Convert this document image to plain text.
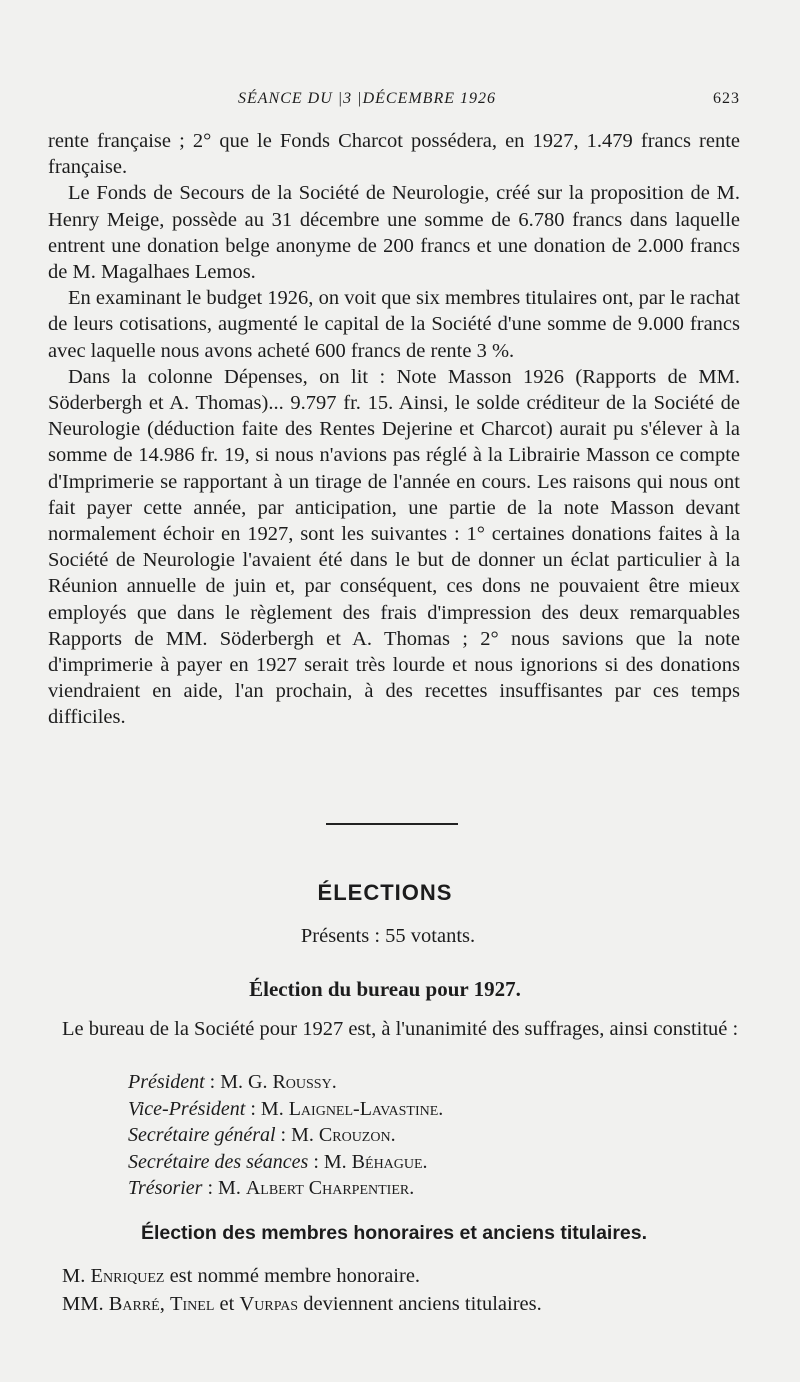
SÉANCE DU |3 |DÉCEMBRE 1926	623

rente française ; 2° que le Fonds Charcot possédera, en 1927, 1.479 francs rente française.

Le Fonds de Secours de la Société de Neurologie, créé sur la proposition de M. Henry Meige, possède au 31 décembre une somme de 6.780 francs dans laquelle entrent une donation belge anonyme de 200 francs et une donation de 2.000 francs de M. Magalhaes Lemos.

En examinant le budget 1926, on voit que six membres titulaires ont, par le rachat de leurs cotisations, augmenté le capital de la Société d'une somme de 9.000 francs avec laquelle nous avons acheté 600 francs de rente 3 %.

Dans la colonne Dépenses, on lit : Note Masson 1926 (Rapports de MM. Söderbergh et A. Thomas)... 9.797 fr. 15. Ainsi, le solde créditeur de la Société de Neurologie (déduction faite des Rentes Dejerine et Charcot) aurait pu s'élever à la somme de 14.986 fr. 19, si nous n'avions pas réglé à la Librairie Masson ce compte d'Imprimerie se rapportant à un tirage de l'année en cours. Les raisons qui nous ont fait payer cette année, par anticipation, une partie de la note Masson devant normalement échoir en 1927, sont les suivantes : 1° certaines donations faites à la Société de Neurologie l'avaient été dans le but de donner un éclat particulier à la Réunion annuelle de juin et, par conséquent, ces dons ne pouvaient être mieux employés que dans le règlement des frais d'impression des deux remarquables Rapports de MM. Söderbergh et A. Thomas ; 2° nous savions que la note d'imprimerie à payer en 1927 serait très lourde et nous ignorions si des donations viendraient en aide, l'an prochain, à des recettes insuffisantes par ces temps difficiles.

ÉLECTIONS
Présents : 55 votants.
Élection du bureau pour 1927.

Le bureau de la Société pour 1927 est, à l'unanimité des suffrages, ainsi constitué :

Président : M. G. Roussy.
Vice-Président : M. Laignel-Lavastine.
Secrétaire général : M. Crouzon.
Secrétaire des séances : M. Béhague.
Trésorier : M. Albert Charpentier.
Élection des membres honoraires et anciens titulaires.
M. Enriquez est nommé membre honoraire.
MM. Barré, Tinel et Vurpas deviennent anciens titulaires.
